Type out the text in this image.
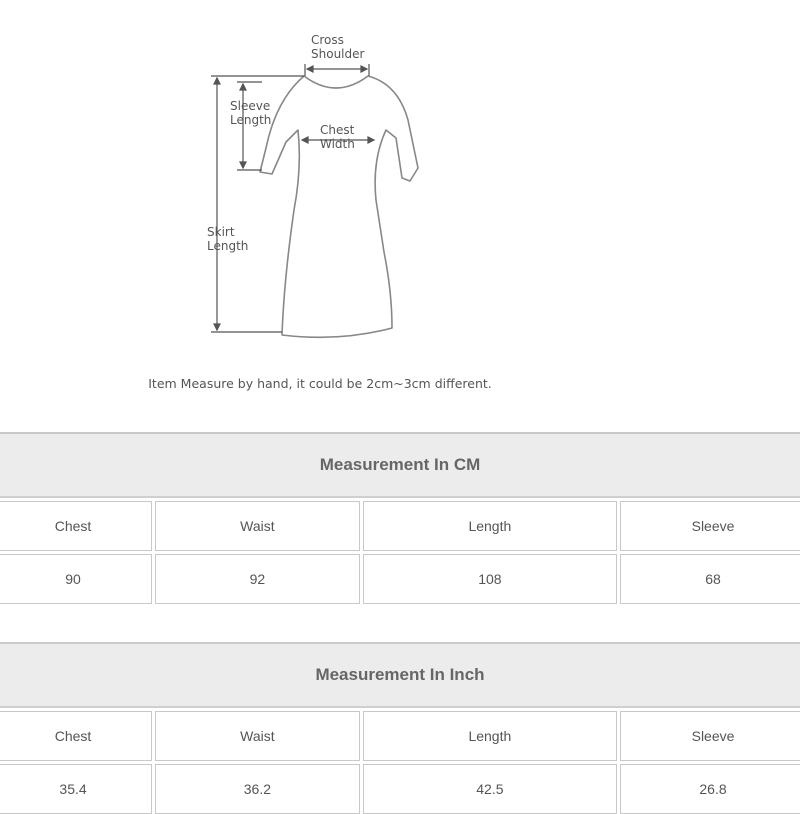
Cross
Shoulder
Sleeve
Length
Chest
Width
Skirt
Length
Item Measure by hand, it could be 2cm~3cm different.
Measurement In CM						

Chest		Waist		Length		Sleeve

90		92		108		68
Measurement In Inch						

Chest		Waist		Length		Sleeve

35.4		36.2		42.5		26.8
